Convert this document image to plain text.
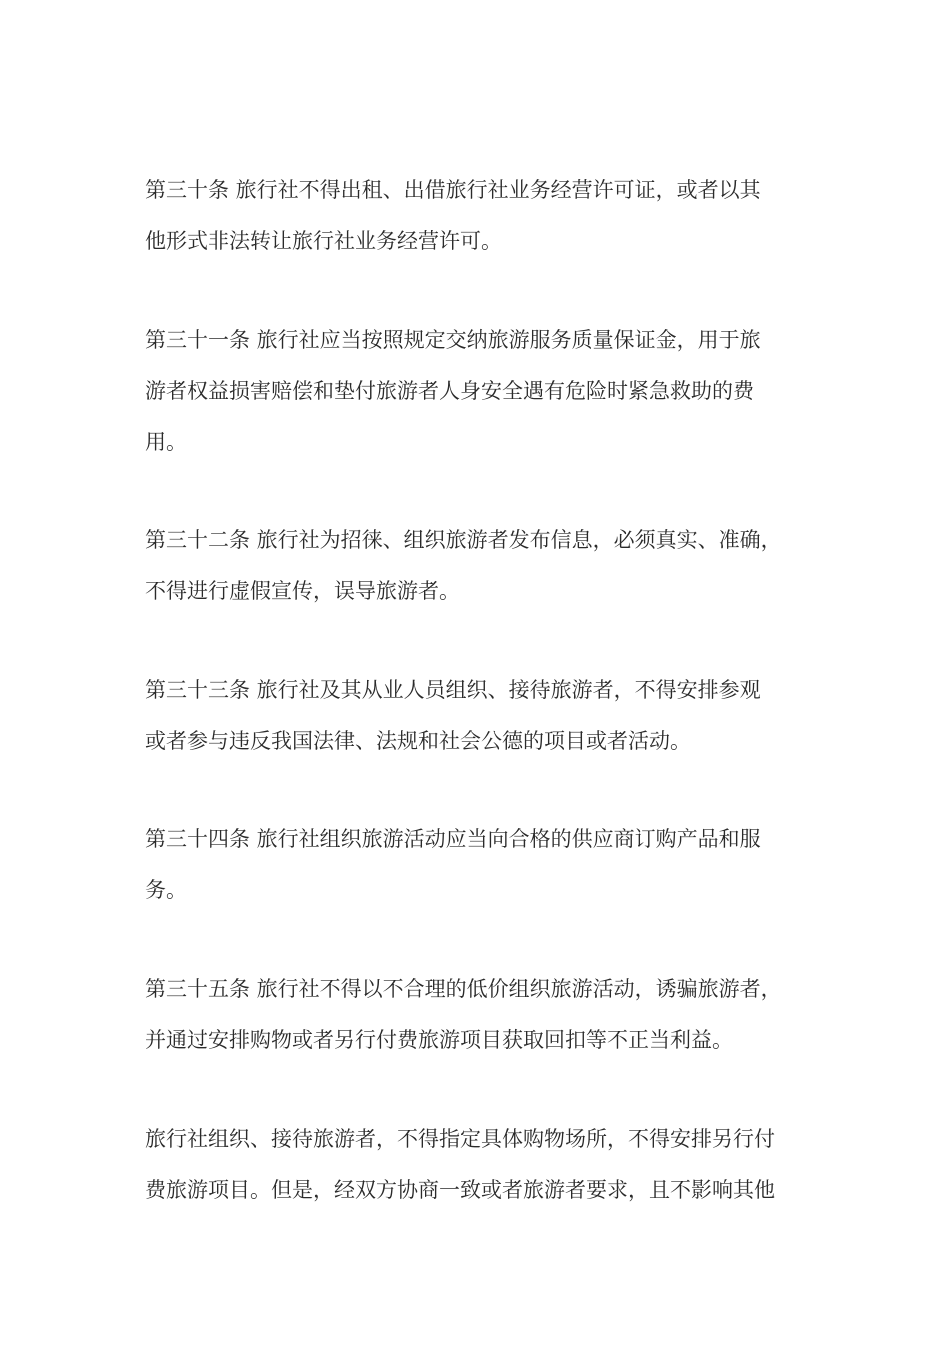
第三十条 旅行社不得出租、出借旅行社业务经营许可证，或者以其
他形式非法转让旅行社业务经营许可。
第三十一条 旅行社应当按照规定交纳旅游服务质量保证金，用于旅
游者权益损害赔偿和垫付旅游者人身安全遇有危险时紧急救助的费
用。
第三十二条 旅行社为招徕、组织旅游者发布信息，必须真实、准确，
不得进行虚假宣传，误导旅游者。
第三十三条 旅行社及其从业人员组织、接待旅游者，不得安排参观
或者参与违反我国法律、法规和社会公德的项目或者活动。
第三十四条 旅行社组织旅游活动应当向合格的供应商订购产品和服
务。
第三十五条 旅行社不得以不合理的低价组织旅游活动，诱骗旅游者，
并通过安排购物或者另行付费旅游项目获取回扣等不正当利益。
旅行社组织、接待旅游者，不得指定具体购物场所，不得安排另行付
费旅游项目。但是，经双方协商一致或者旅游者要求，且不影响其他
